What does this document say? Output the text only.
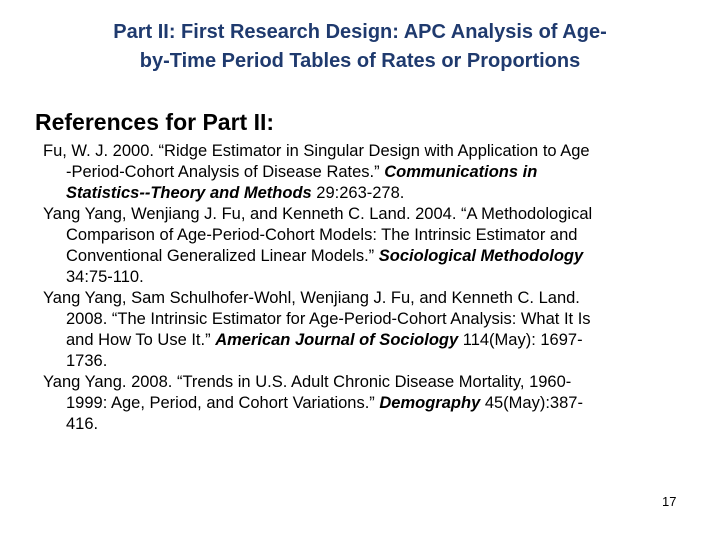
Part II: First Research Design: APC Analysis of Age-
by-Time Period Tables of Rates or Proportions
References for Part II:
Fu, W. J. 2000. “Ridge Estimator in Singular Design with Application to Age
-Period-Cohort Analysis of Disease Rates.” Communications in
Statistics--Theory and Methods 29:263-278.
Yang Yang, Wenjiang J. Fu, and Kenneth C. Land. 2004. “A Methodological
Comparison of Age-Period-Cohort Models: The Intrinsic Estimator and
Conventional Generalized Linear Models.” Sociological Methodology
34:75-110.
Yang Yang, Sam Schulhofer-Wohl, Wenjiang J. Fu, and Kenneth C. Land.
2008. “The Intrinsic Estimator for Age-Period-Cohort Analysis: What It Is
and How To Use It.” American Journal of Sociology 114(May): 1697-
1736.
Yang Yang. 2008. “Trends in U.S. Adult Chronic Disease Mortality, 1960-
1999: Age, Period, and Cohort Variations.” Demography 45(May):387-
416.
17
